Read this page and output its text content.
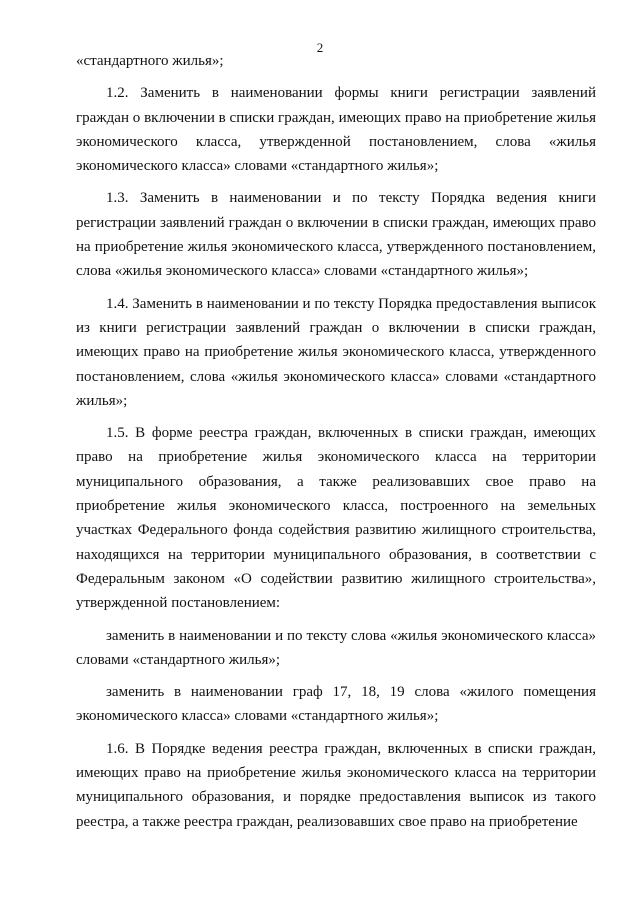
2

«стандартного жилья»;

1.2. Заменить в наименовании формы книги регистрации заявлений граждан о включении в списки граждан, имеющих право на приобретение жилья экономического класса, утвержденной постановлением, слова «жилья экономического класса» словами «стандартного жилья»;

1.3. Заменить в наименовании и по тексту Порядка ведения книги регистрации заявлений граждан о включении в списки граждан, имеющих право на приобретение жилья экономического класса, утвержденного постановлением, слова «жилья экономического класса» словами «стандартного жилья»;

1.4. Заменить в наименовании и по тексту Порядка предоставления выписок из книги регистрации заявлений граждан о включении в списки граждан, имеющих право на приобретение жилья экономического класса, утвержденного постановлением, слова «жилья экономического класса» словами «стандартного жилья»;

1.5. В форме реестра граждан, включенных в списки граждан, имеющих право на приобретение жилья экономического класса на территории муниципального образования, а также реализовавших свое право на приобретение жилья экономического класса, построенного на земельных участках Федерального фонда содействия развитию жилищного строительства, находящихся на территории муниципального образования, в соответствии с Федеральным законом «О содействии развитию жилищного строительства», утвержденной постановлением:

заменить в наименовании и по тексту слова «жилья экономического класса» словами «стандартного жилья»;

заменить в наименовании граф 17, 18, 19 слова «жилого помещения экономического класса» словами «стандартного жилья»;

1.6. В Порядке ведения реестра граждан, включенных в списки граждан, имеющих право на приобретение жилья экономического класса на территории муниципального образования, и порядке предоставления выписок из такого реестра, а также реестра граждан, реализовавших свое право на приобретение
